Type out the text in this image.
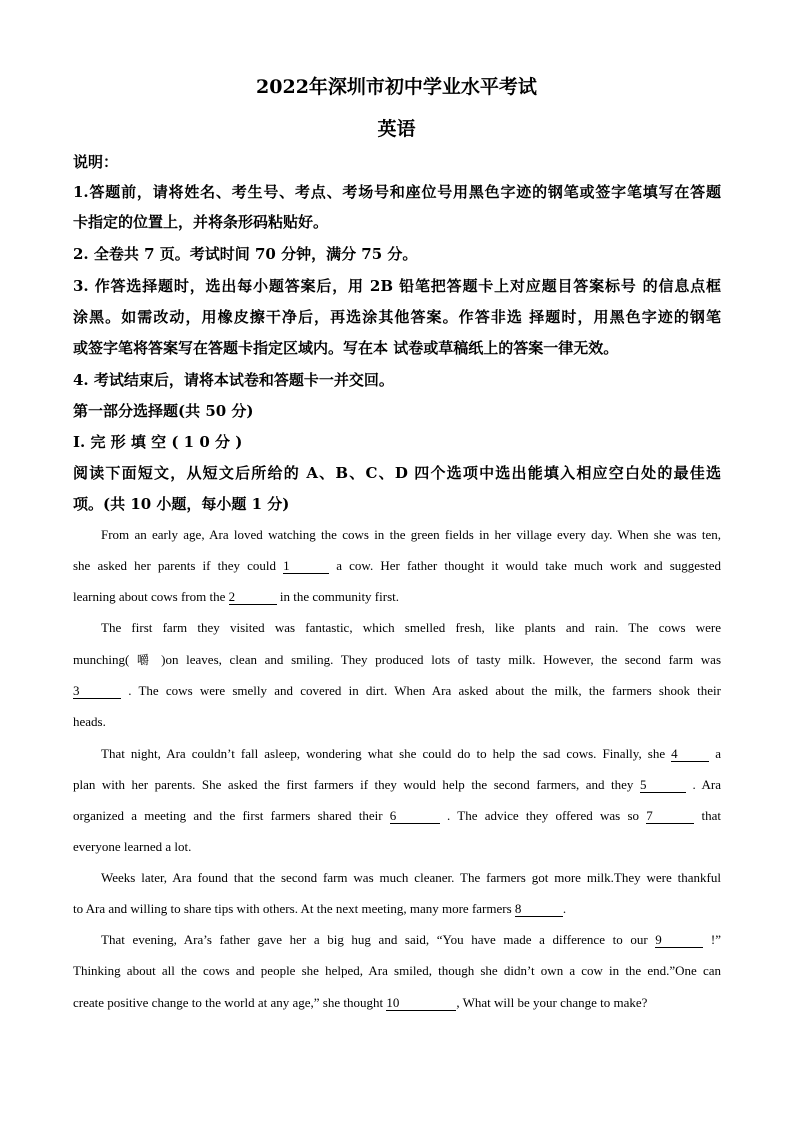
2022年深圳市初中学业水平考试
英语
说明：
1.答题前，请将姓名、考生号、考点、考场号和座位号用黑色字迹的钢笔或签字笔填写在答题
卡指定的位置上，并将条形码粘贴好。
2. 全卷共 7 页。考试时间 70 分钟，满分 75 分。
3. 作答选择题时，选出每小题答案后，用 2B 铅笔把答题卡上对应题目答案标号 的信息点框
涂黑。如需改动，用橡皮擦干净后，再选涂其他答案。作答非选 择题时，用黑色字迹的钢笔
或签字笔将答案写在答题卡指定区域内。写在本 试卷或草稿纸上的答案一律无效。
4. 考试结束后，请将本试卷和答题卡一并交回。
第一部分选择题(共 50 分)
I. 完 形 填 空 ( 1 0 分 )
阅读下面短文，从短文后所给的 A、B、C、D 四个选项中选出能填入相应空白处的最佳选
项。(共 10 小题，每小题 1 分)
From an early age, Ara loved watching the cows in the green fields in her village every day. When she was ten,
she asked her parents if they could 1	a cow. Her father thought it would take much work and suggested
learning about cows from the 2	in the community first.
The first farm they visited was fantastic, which smelled fresh, like plants and rain. The cows were
munching( 嚼 )on leaves, clean and smiling. They produced lots of tasty milk. However, the second farm was
3	. The cows were smelly and covered in dirt. When Ara asked about the milk, the farmers shook their
heads.
That night, Ara couldn’t fall asleep, wondering what she could do to help the sad cows. Finally, she 4	a
plan with her parents. She asked the first farmers if they would help the second farmers, and they 5	. Ara
organized a meeting and the first farmers shared their 6	. The advice they offered was so 7	that
everyone learned a lot.
Weeks later, Ara found that the second farm was much cleaner. The farmers got more milk.They were thankful
to Ara and willing to share tips with others. At the next meeting, many more farmers 8	.
That evening, Ara’s father gave her a big hug and said, “You have made a difference to our 9	!”
Thinking about all the cows and people she helped, Ara smiled, though she didn’t own a cow in the end.”One can
create positive change to the world at any age,” she thought 10	, What will be your change to make?
